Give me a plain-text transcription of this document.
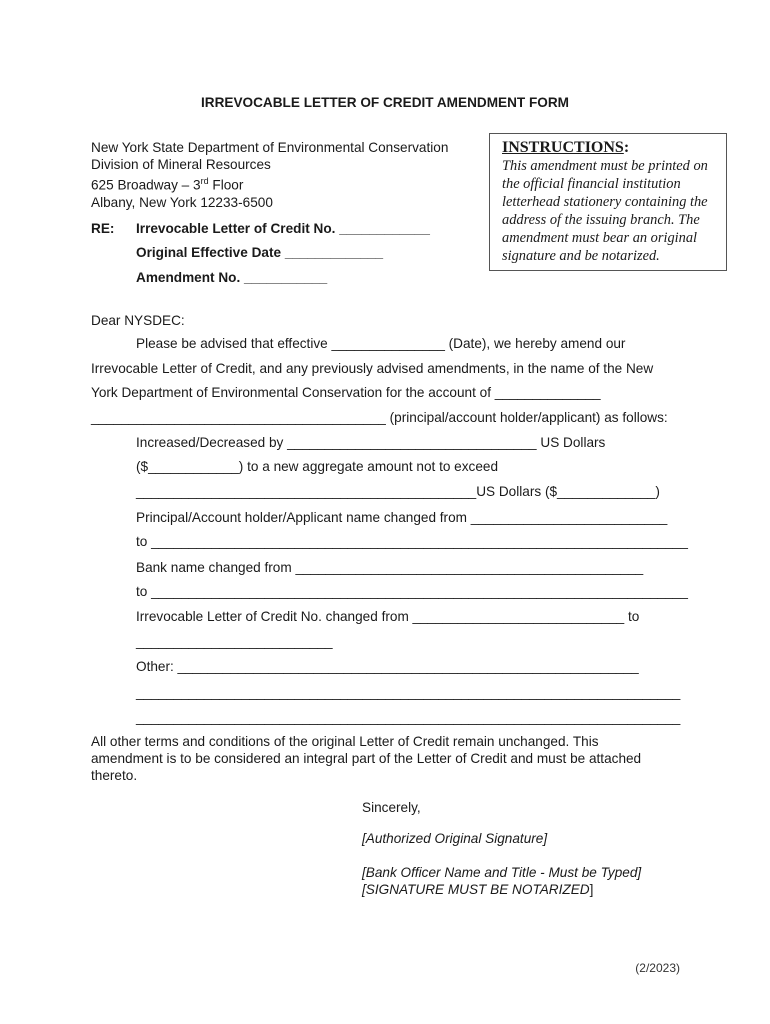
IRREVOCABLE LETTER OF CREDIT AMENDMENT FORM
New York State Department of Environmental Conservation
Division of Mineral Resources
625 Broadway – 3rd Floor
Albany, New York 12233-6500
RE: Irrevocable Letter of Credit No. ____________
Original Effective Date _____________
Amendment No. ___________
INSTRUCTIONS:
This amendment must be printed on the official financial institution letterhead stationery containing the address of the issuing branch. The amendment must bear an original signature and be notarized.
Dear NYSDEC:
Please be advised that effective _______________ (Date), we hereby amend our
Irrevocable Letter of Credit, and any previously advised amendments, in the name of the New
York Department of Environmental Conservation for the account of ______________
_______________________________________ (principal/account holder/applicant) as follows:
Increased/Decreased by _________________________________ US Dollars
($____________) to a new aggregate amount not to exceed
_____________________________________________US Dollars ($_____________)
Principal/Account holder/Applicant name changed from __________________________
to _______________________________________________________________________
Bank name changed from ______________________________________________
to _______________________________________________________________________
Irrevocable Letter of Credit No. changed from ____________________________ to
__________________________
Other: _____________________________________________________________
________________________________________________________________________
________________________________________________________________________
All other terms and conditions of the original Letter of Credit remain unchanged. This
amendment is to be considered an integral part of the Letter of Credit and must be attached
thereto.
Sincerely,
[Authorized Original Signature]
[Bank Officer Name and Title - Must be Typed]
[SIGNATURE MUST BE NOTARIZED]
(2/2023)
